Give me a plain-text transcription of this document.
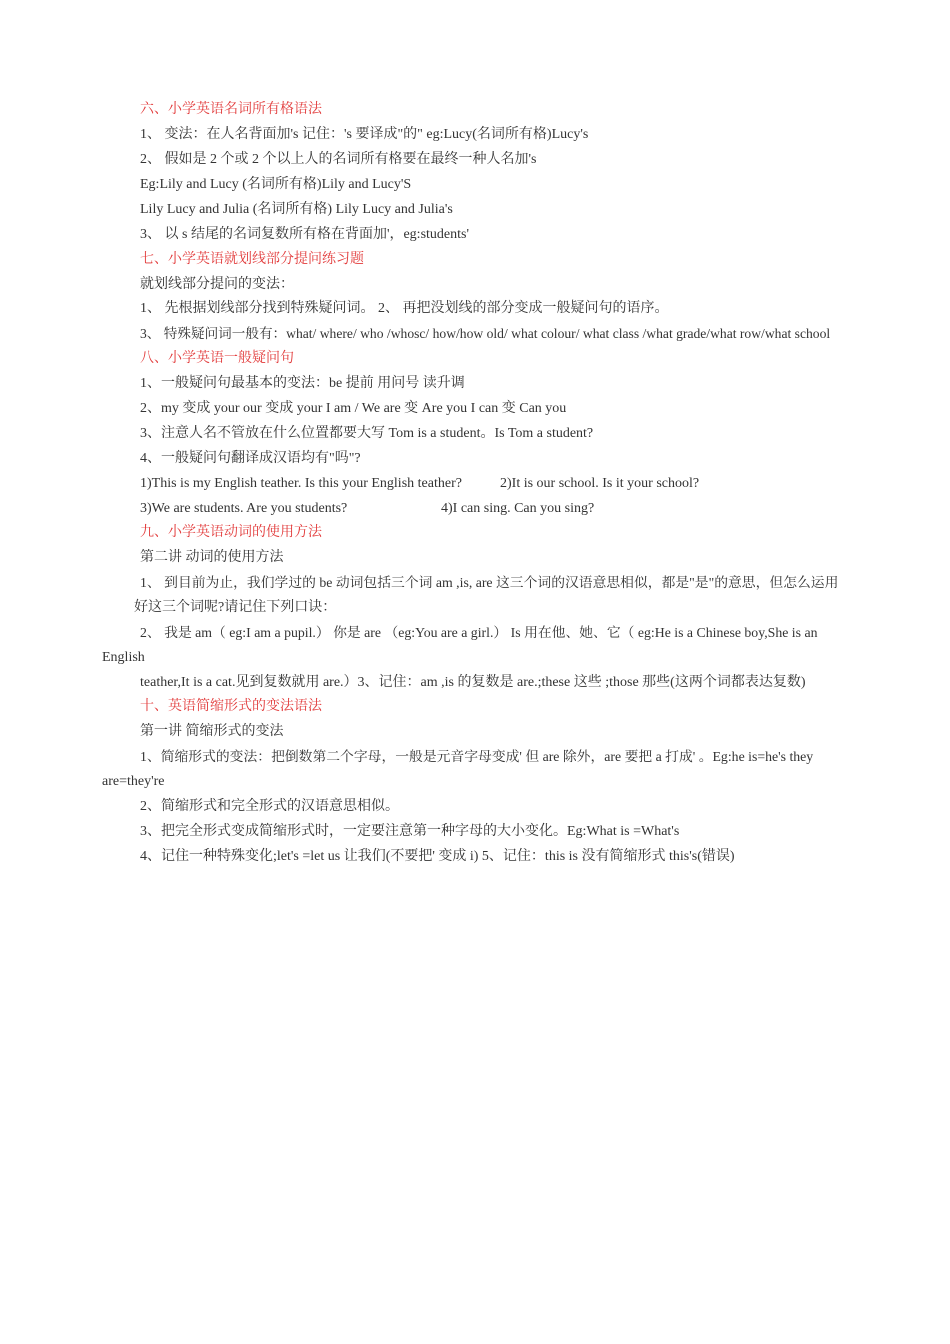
六、小学英语名词所有格语法
1、 变法：在人名背面加's 记住：'s 要译成"的" eg:Lucy(名词所有格)Lucy's
2、 假如是 2 个或 2 个以上人的名词所有格要在最终一种人名加's
Eg:Lily and Lucy (名词所有格)Lily and Lucy'S
Lily Lucy and Julia (名词所有格) Lily Lucy and Julia's
3、 以 s 结尾的名词复数所有格在背面加'，eg:students'
七、小学英语就划线部分提问练习题
就划线部分提问的变法：
1、 先根据划线部分找到特殊疑问词。 2、 再把没划线的部分变成一般疑问句的语序。
3、 特殊疑问词一般有：what/ where/ who /whosc/ how/how old/ what colour/ what class /what grade/what row/what school
八、小学英语一般疑问句
1、一般疑问句最基本的变法：be 提前 用问号 读升调
2、my 变成 your our 变成 your I am / We are 变 Are you I can 变 Can you
3、注意人名不管放在什么位置都要大写 Tom is a student。Is Tom a student?
4、一般疑问句翻译成汉语均有"吗"?
1)This is my English teather. Is this your English teather?	2)It is our school. Is it your school?
3)We are students. Are you students?	4)I can sing. Can you sing?
九、小学英语动词的使用方法
第二讲 动词的使用方法
1、 到目前为止，我们学过的 be 动词包括三个词 am ,is, are 这三个词的汉语意思相似，都是"是"的意思，但怎么运用
好这三个词呢?请记住下列口诀：
2、 我是 am（ eg:I am a pupil.） 你是 are （eg:You are a girl.） Is 用在他、她、它（ eg:He is a Chinese boy,She is an
English
teather,It is a cat.见到复数就用 are.）3、记住：am ,is 的复数是 are.;these 这些 ;those 那些(这两个词都表达复数)
十、英语简缩形式的变法语法
第一讲 简缩形式的变法
1、简缩形式的变法：把倒数第二个字母，一般是元音字母变成' 但 are 除外，are 要把 a 打成' 。Eg:he is=he's they
are=they're
2、简缩形式和完全形式的汉语意思相似。
3、把完全形式变成简缩形式时，一定要注意第一种字母的大小变化。Eg:What is =What's
4、记住一种特殊变化;let's =let us 让我们(不要把' 变成 i) 5、记住：this is 没有简缩形式 this's(错误)
